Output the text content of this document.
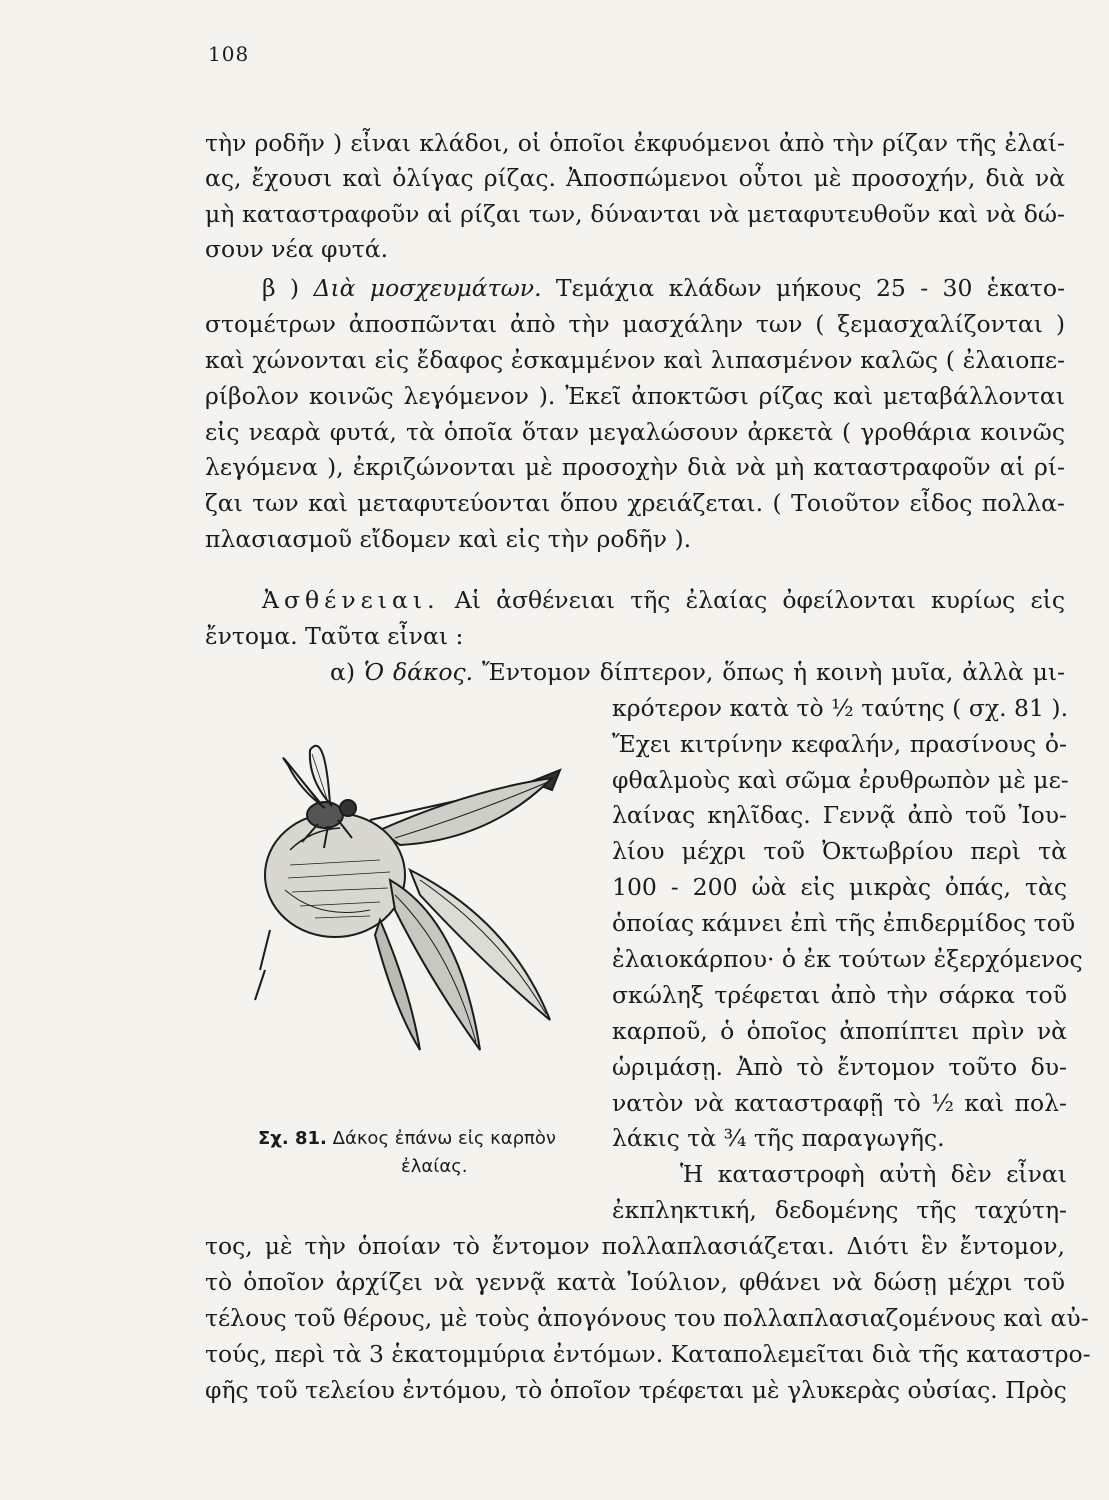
108
τὴν ροδῆν ) εἶναι κλάδοι, οἱ ὁποῖοι ἐκφυόμενοι ἀπὸ τὴν ρίζαν τῆς ἐλαί-
ας, ἔχουσι καὶ ὀλίγας ρίζας. Ἀποσπώμενοι οὗτοι μὲ προσοχήν, διὰ νὰ
μὴ καταστραφοῦν αἱ ρίζαι των, δύνανται νὰ μεταφυτευθοῦν καὶ νὰ δώ-
σουν νέα φυτά.
β ) Διὰ μοσχευμάτων. Τεμάχια κλάδων μήκους 25 - 30 ἑκατο-
στομέτρων ἀποσπῶνται ἀπὸ τὴν μασχάλην των ( ξεμασχαλίζονται )
καὶ χώνονται εἰς ἔδαφος ἐσκαμμένον καὶ λιπασμένον καλῶς ( ἐλαιοπε-
ρίβολον κοινῶς λεγόμενον ). Ἐκεῖ ἀποκτῶσι ρίζας καὶ μεταβάλλονται
εἰς νεαρὰ φυτά, τὰ ὁποῖα ὅταν μεγαλώσουν ἀρκετὰ ( γροθάρια κοινῶς
λεγόμενα ), ἐκριζώνονται μὲ προσοχὴν διὰ νὰ μὴ καταστραφοῦν αἱ ρί-
ζαι των καὶ μεταφυτεύονται ὅπου χρειάζεται. ( Τοιοῦτον εἶδος πολλα-
πλασιασμοῦ εἴδομεν καὶ εἰς τὴν ροδῆν ).
Ἀσθένειαι. Αἱ ἀσθένειαι τῆς ἐλαίας ὀφείλονται κυρίως εἰς
ἔντομα. Ταῦτα εἶναι :
α) Ὁ δάκος. Ἔντομον δίπτερον, ὅπως ἡ κοινὴ μυῖα, ἀλλὰ μι-
κρότερον κατὰ τὸ ½ ταύτης ( σχ. 81 ).
Ἔχει κιτρίνην κεφαλήν, πρασίνους ὀ-
φθαλμοὺς καὶ σῶμα ἐρυθρωπὸν μὲ με-
λαίνας κηλῖδας. Γεννᾷ ἀπὸ τοῦ Ἰου-
λίου μέχρι τοῦ Ὀκτωβρίου περὶ τὰ
100 - 200 ὠὰ εἰς μικρὰς ὀπάς, τὰς
ὁποίας κάμνει ἐπὶ τῆς ἐπιδερμίδος τοῦ
ἐλαιοκάρπου· ὁ ἐκ τούτων ἐξερχόμενος
σκώληξ τρέφεται ἀπὸ τὴν σάρκα τοῦ
καρποῦ, ὁ ὁποῖος ἀποπίπτει πρὶν νὰ
ὡριμάσῃ. Ἀπὸ τὸ ἔντομον τοῦτο δυ-
νατὸν νὰ καταστραφῇ τὸ ½ καὶ πολ-
λάκις τὰ ¾ τῆς παραγωγῆς.
Ἡ καταστροφὴ αὐτὴ δὲν εἶναι
ἐκπληκτική, δεδομένης τῆς ταχύτη-
τος, μὲ τὴν ὁποίαν τὸ ἔντομον πολλαπλασιάζεται. Διότι ἓν ἔντομον,
τὸ ὁποῖον ἀρχίζει νὰ γεννᾷ κατὰ Ἰούλιον, φθάνει νὰ δώσῃ μέχρι τοῦ
τέλους τοῦ θέρους, μὲ τοὺς ἀπογόνους του πολλαπλασιαζομένους καὶ αὐ-
τούς, περὶ τὰ 3 ἑκατομμύρια ἐντόμων. Καταπολεμεῖται διὰ τῆς καταστρο-
φῆς τοῦ τελείου ἐντόμου, τὸ ὁποῖον τρέφεται μὲ γλυκερὰς οὐσίας. Πρὸς
Σχ. 81. Δάκος ἐπάνω εἰς καρπὸν
ἐλαίας.
